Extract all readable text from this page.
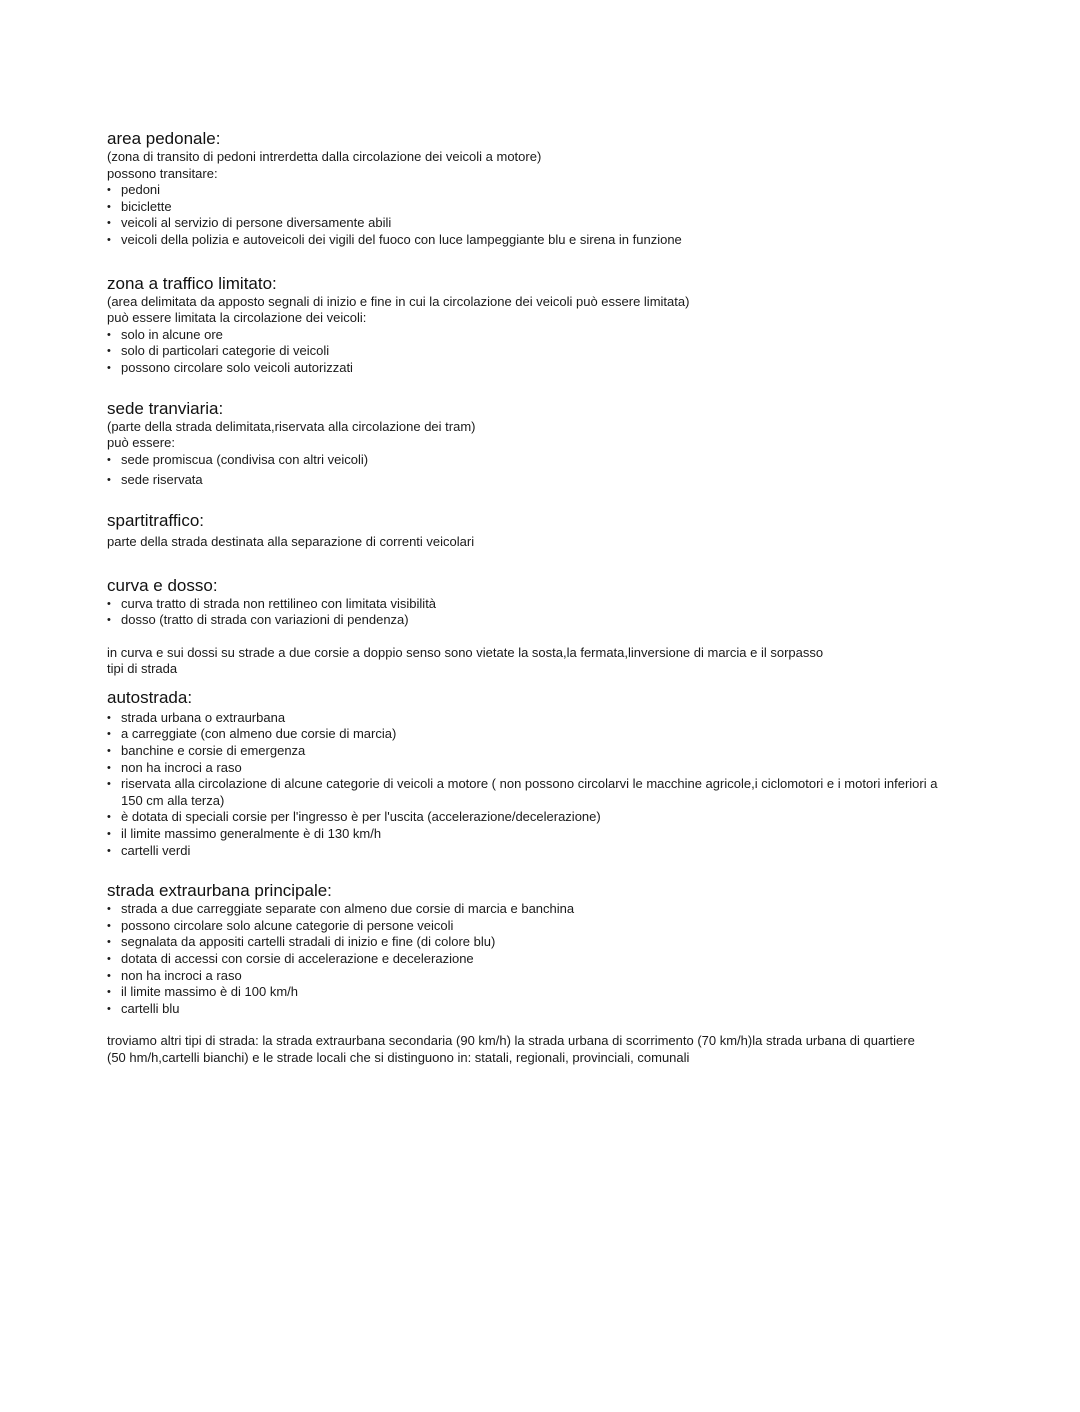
area pedonale:

(zona di transito di pedoni intrerdetta dalla circolazione dei veicoli a motore)

possono transitare:

• pedoni
• biciclette
• veicoli al servizio di persone diversamente abili
• veicoli della polizia e autoveicoli dei vigili del fuoco con luce lampeggiante blu e sirena in funzione
zona a traffico limitato:

(area delimitata da apposto segnali di inizio e fine in cui la circolazione dei veicoli può essere limitata)

può essere limitata la circolazione dei veicoli:

• solo in alcune ore
• solo di particolari categorie di veicoli
• possono circolare solo veicoli autorizzati
sede tranviaria:

(parte della strada delimitata,riservata alla circolazione dei tram)

può essere:

• sede promiscua (condivisa con altri veicoli)
• sede riservata
spartitraffico:

parte della strada destinata alla separazione di correnti veicolari

curva e dosso:
• curva tratto di strada non rettilineo con limitata visibilità
• dosso (tratto di strada con variazioni di pendenza)

in curva e sui dossi su strade a due corsie a doppio senso sono vietate la sosta,la fermata,linversione di marcia e il sorpasso

tipi di strada

autostrada:
• strada urbana o extraurbana
• a carreggiate (con almeno due corsie di marcia)
• banchine e corsie di emergenza
• non ha incroci a raso
• riservata alla circolazione di alcune categorie di veicoli a motore ( non possono circolarvi le macchine agricole,i ciclomotori e i motori inferiori a 150 cm alla terza)
• è dotata di speciali corsie per l'ingresso è per l'uscita (accelerazione/decelerazione)
• il limite massimo generalmente è di 130 km/h
• cartelli verdi
strada extraurbana principale:
• strada a due carreggiate separate con almeno due corsie di marcia e banchina
• possono circolare solo alcune categorie di persone veicoli
• segnalata da appositi cartelli stradali di inizio e fine (di colore blu)
• dotata di accessi con corsie di accelerazione e decelerazione
• non ha incroci a raso
• il limite massimo è di 100 km/h
• cartelli blu

troviamo altri tipi di strada: la strada extraurbana secondaria (90 km/h) la strada urbana di scorrimento (70 km/h)la strada urbana di quartiere (50 hm/h,cartelli bianchi) e le strade locali che si distinguono in: statali, regionali, provinciali, comunali
